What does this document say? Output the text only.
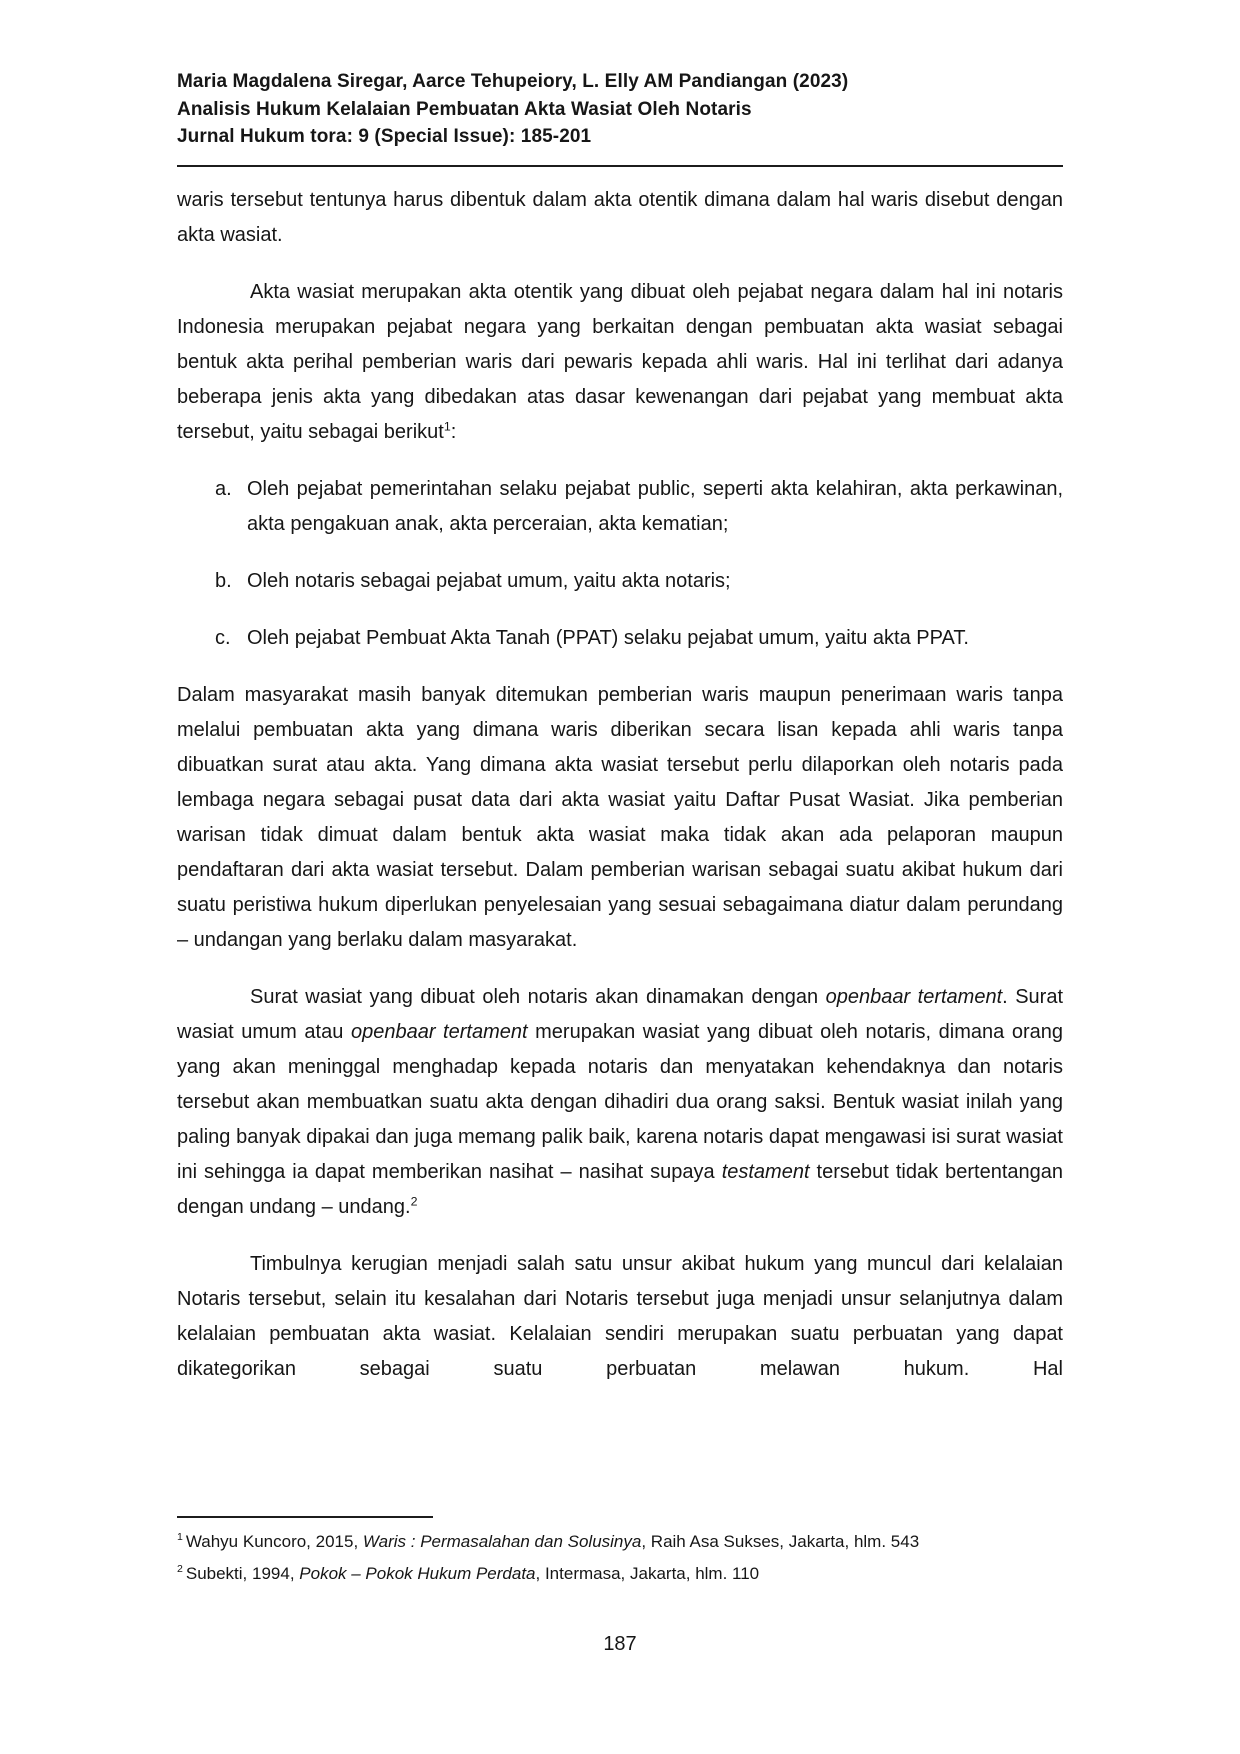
Maria Magdalena Siregar, Aarce Tehupeiory, L. Elly AM Pandiangan (2023)
Analisis Hukum Kelalaian Pembuatan Akta Wasiat Oleh Notaris
Jurnal Hukum tora: 9 (Special Issue): 185-201

waris tersebut tentunya harus dibentuk dalam akta otentik dimana dalam hal waris disebut dengan akta wasiat.

Akta wasiat merupakan akta otentik yang dibuat oleh pejabat negara dalam hal ini notaris Indonesia merupakan pejabat negara yang berkaitan dengan pembuatan akta wasiat sebagai bentuk akta perihal pemberian waris dari pewaris kepada ahli waris. Hal ini terlihat dari adanya beberapa jenis akta yang dibedakan atas dasar kewenangan dari pejabat yang membuat akta tersebut, yaitu sebagai berikut$^1$:

a. Oleh pejabat pemerintahan selaku pejabat public, seperti akta kelahiran, akta perkawinan, akta pengakuan anak, akta perceraian, akta kematian;
b. Oleh notaris sebagai pejabat umum, yaitu akta notaris;
c. Oleh pejabat Pembuat Akta Tanah (PPAT) selaku pejabat umum, yaitu akta PPAT.

Dalam masyarakat masih banyak ditemukan pemberian waris maupun penerimaan waris tanpa melalui pembuatan akta yang dimana waris diberikan secara lisan kepada ahli waris tanpa dibuatkan surat atau akta. Yang dimana akta wasiat tersebut perlu dilaporkan oleh notaris pada lembaga negara sebagai pusat data dari akta wasiat yaitu Daftar Pusat Wasiat. Jika pemberian warisan tidak dimuat dalam bentuk akta wasiat maka tidak akan ada pelaporan maupun pendaftaran dari akta wasiat tersebut. Dalam pemberian warisan sebagai suatu akibat hukum dari suatu peristiwa hukum diperlukan penyelesaian yang sesuai sebagaimana diatur dalam perundang – undangan yang berlaku dalam masyarakat.

Surat wasiat yang dibuat oleh notaris akan dinamakan dengan openbaar tertament. Surat wasiat umum atau openbaar tertament merupakan wasiat yang dibuat oleh notaris, dimana orang yang akan meninggal menghadap kepada notaris dan menyatakan kehendaknya dan notaris tersebut akan membuatkan suatu akta dengan dihadiri dua orang saksi. Bentuk wasiat inilah yang paling banyak dipakai dan juga memang palik baik, karena notaris dapat mengawasi isi surat wasiat ini sehingga ia dapat memberikan nasihat – nasihat supaya testament tersebut tidak bertentangan dengan undang – undang.$^2$

Timbulnya kerugian menjadi salah satu unsur akibat hukum yang muncul dari kelalaian Notaris tersebut, selain itu kesalahan dari Notaris tersebut juga menjadi unsur selanjutnya dalam kelalaian pembuatan akta wasiat. Kelalaian sendiri merupakan suatu perbuatan yang dapat dikategorikan sebagai suatu perbuatan melawan hukum. Hal

$^1$ Wahyu Kuncoro, 2015, Waris : Permasalahan dan Solusinya, Raih Asa Sukses, Jakarta, hlm. 543
$^2$ Subekti, 1994, Pokok – Pokok Hukum Perdata, Intermasa, Jakarta, hlm. 110
187
